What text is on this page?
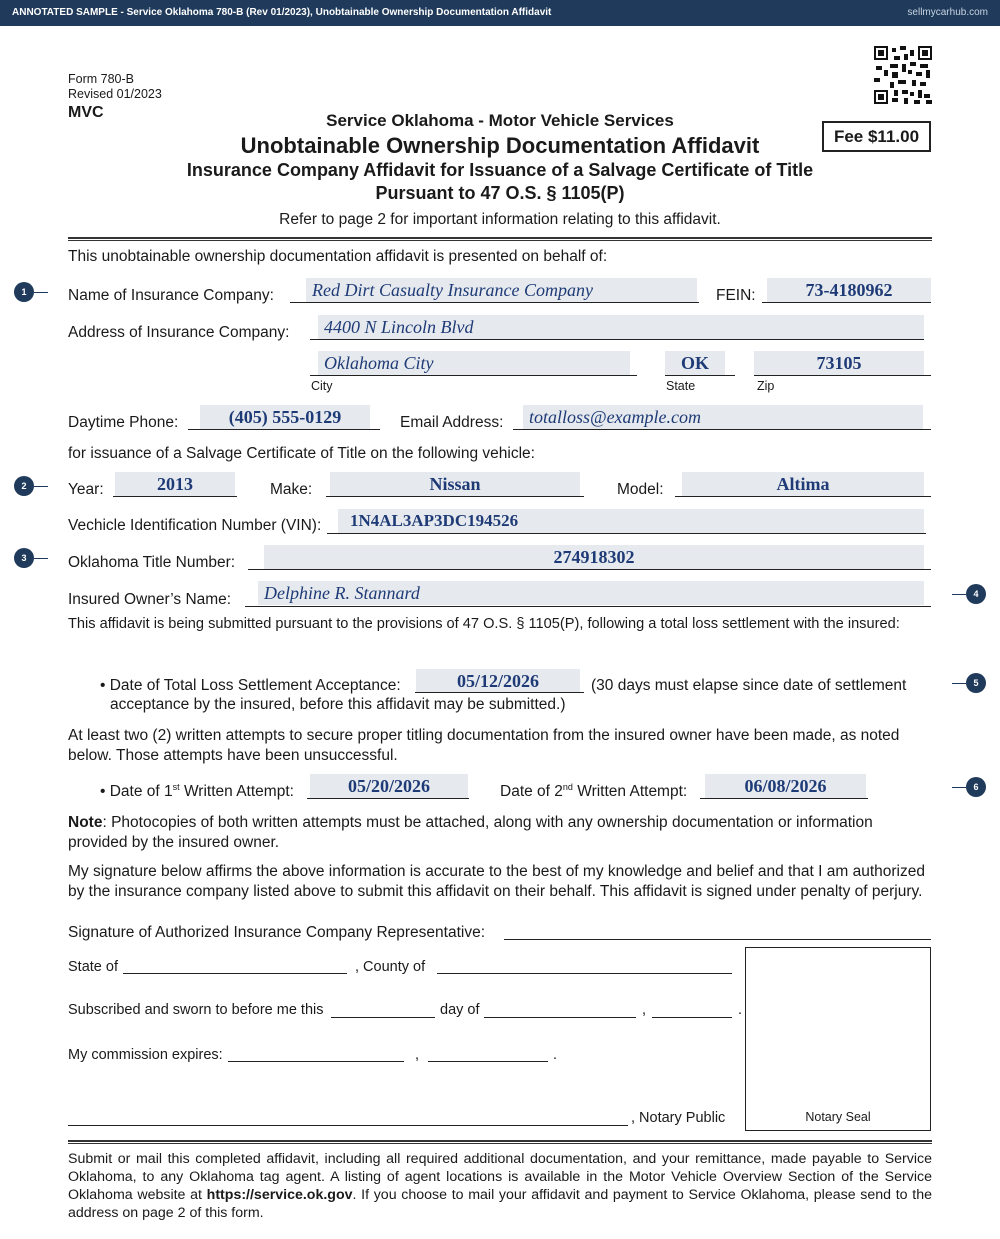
ANNOTATED SAMPLE - Service Oklahoma 780-B (Rev 01/2023), Unobtainable Ownership Documentation Affidavit	sellmycarhub.com
Form 780-B
Revised 01/2023
MVC
Fee $11.00
Service Oklahoma - Motor Vehicle Services
Unobtainable Ownership Documentation Affidavit
Insurance Company Affidavit for Issuance of a Salvage Certificate of Title
Pursuant to 47 O.S. § 1105(P)
Refer to page 2 for important information relating to this affidavit.
This unobtainable ownership documentation affidavit is presented on behalf of:
1
2
3
4
5
6
Name of Insurance Company:	Red Dirt Casualty Insurance Company	FEIN:	73-4180962
Address of Insurance Company:	4400 N Lincoln Blvd
Oklahoma City
City
OK
State
73105
Zip
Daytime Phone:	(405) 555-0129	Email Address:	totalloss@example.com
for issuance of a Salvage Certificate of Title on the following vehicle:
Year:	2013	Make:	Nissan	Model:	Altima
Vechicle Identification Number (VIN):	1N4AL3AP3DC194526
Oklahoma Title Number:	274918302
Insured Owner’s Name:	Delphine R. Stannard
This affidavit is being submitted pursuant to the provisions of 47 O.S. § 1105(P), following a total loss settlement with the insured:
• Date of Total Loss Settlement Acceptance:	05/12/2026	(30 days must elapse since date of settlement
acceptance by the insured, before this affidavit may be submitted.)
At least two (2) written attempts to secure proper titling documentation from the insured owner have been made, as noted below. Those attempts have been unsuccessful.
• Date of 1st Written Attempt:	05/20/2026	Date of 2nd Written Attempt:	06/08/2026
Note: Photocopies of both written attempts must be attached, along with any ownership documentation or information provided by the insured owner.
My signature below affirms the above information is accurate to the best of my knowledge and belief and that I am authorized by the insurance company listed above to submit this affidavit on their behalf. This affidavit is signed under penalty of perjury.
Signature of Authorized Insurance Company Representative:
State of	, County of
Subscribed and sworn to before me this	day of	,	.
My commission expires:	,	.
, Notary Public	Notary Seal
Submit or mail this completed affidavit, including all required additional documentation, and your remittance, made payable to Service Oklahoma, to any Oklahoma tag agent. A listing of agent locations is available in the Motor Vehicle Overview Section of the Service Oklahoma website at https://service.ok.gov. If you choose to mail your affidavit and payment to Service Oklahoma, please send to the address on page 2 of this form.
